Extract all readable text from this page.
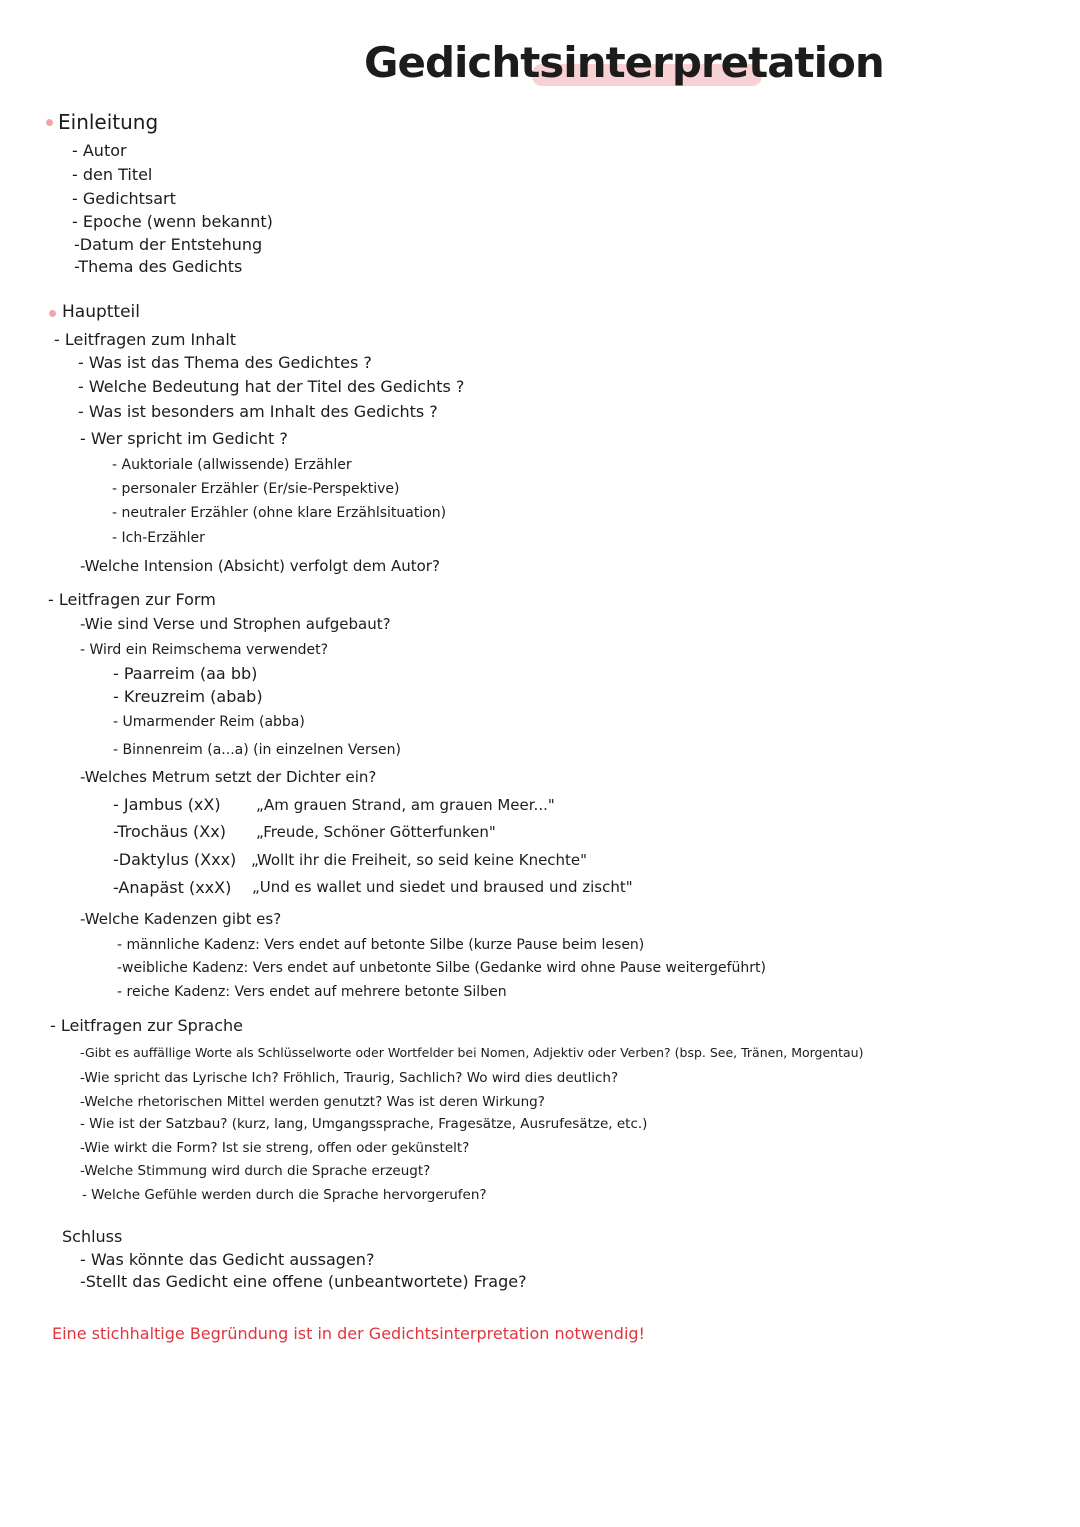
Gedichtsinterpretation
Einleitung
- Autor
- den Titel
- Gedichtsart
- Epoche (wenn bekannt)
-Datum der Entstehung
-Thema des Gedichts
Hauptteil
- Leitfragen zum Inhalt
- Was ist das Thema des Gedichtes ?
- Welche Bedeutung hat der Titel des Gedichts ?
- Was ist besonders am Inhalt des Gedichts ?
- Wer spricht im Gedicht ?
- Auktoriale (allwissende) Erzähler
- personaler Erzähler (Er/sie-Perspektive)
- neutraler Erzähler (ohne klare Erzählsituation)
- Ich-Erzähler
-Welche Intension (Absicht) verfolgt dem Autor?
- Leitfragen zur Form
-Wie sind Verse und Strophen aufgebaut?
- Wird ein Reimschema verwendet?
- Paarreim (aa bb)
- Kreuzreim (abab)
- Umarmender Reim (abba)
- Binnenreim (a...a) (in einzelnen Versen)
-Welches Metrum setzt der Dichter ein?
- Jambus (xX) „Am grauen Strand, am grauen Meer..."
-Trochäus (Xx) „Freude, Schöner Götterfunken"
-Daktylus (Xxx) „Wollt ihr die Freiheit, so seid keine Knechte"
-Anapäst (xxX) „Und es wallet und siedet und braused und zischt"
-Welche Kadenzen gibt es?
- männliche Kadenz: Vers endet auf betonte Silbe (kurze Pause beim lesen)
-weibliche Kadenz: Vers endet auf unbetonte Silbe (Gedanke wird ohne Pause weitergeführt)
- reiche Kadenz: Vers endet auf mehrere betonte Silben
- Leitfragen zur Sprache
-Gibt es auffällige Worte als Schlüsselworte oder Wortfelder bei Nomen, Adjektiv oder Verben? (bsp. See, Tränen, Morgentau)
-Wie spricht das Lyrische Ich? Fröhlich, Traurig, Sachlich? Wo wird dies deutlich?
-Welche rhetorischen Mittel werden genutzt? Was ist deren Wirkung?
- Wie ist der Satzbau? (kurz, lang, Umgangssprache, Fragesätze, Ausrufesätze, etc.)
-Wie wirkt die Form? Ist sie streng, offen oder gekünstelt?
-Welche Stimmung wird durch die Sprache erzeugt?
- Welche Gefühle werden durch die Sprache hervorgerufen?
Schluss
- Was könnte das Gedicht aussagen?
-Stellt das Gedicht eine offene (unbeantwortete) Frage?
Eine stichhaltige Begründung ist in der Gedichtsinterpretation notwendig!
